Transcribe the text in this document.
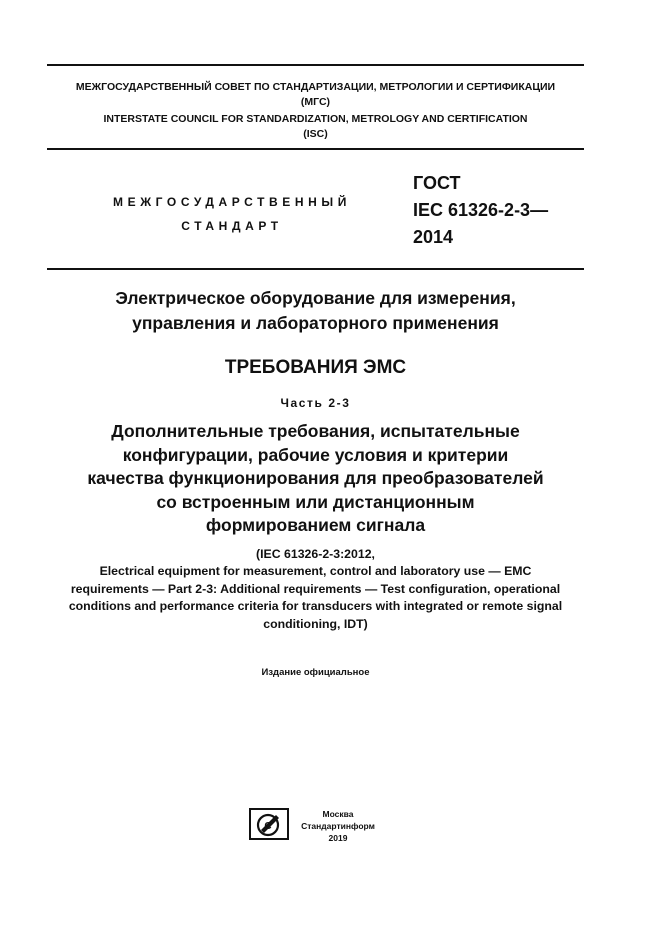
МЕЖГОСУДАРСТВЕННЫЙ СОВЕТ ПО СТАНДАРТИЗАЦИИ, МЕТРОЛОГИИ И СЕРТИФИКАЦИИ
(МГС)
INTERSTATE COUNCIL FOR STANDARDIZATION, METROLOGY AND CERTIFICATION
(ISC)
МЕЖГОСУДАРСТВЕННЫЙ
СТАНДАРТ
ГОСТ
IEC 61326-2-3—
2014
Электрическое оборудование для измерения,
управления и лабораторного применения
ТРЕБОВАНИЯ ЭМС
Часть 2-3
Дополнительные требования, испытательные
конфигурации, рабочие условия и критерии
качества функционирования для преобразователей
со встроенным или дистанционным
формированием сигнала
(IEC 61326-2-3:2012,
Electrical equipment for measurement, control and laboratory use — EMC
requirements — Part 2-3: Additional requirements — Test configuration, operational
conditions and performance criteria for transducers with integrated or remote signal
conditioning, IDT)
Издание официальное
C
Москва
Стандартинформ
2019
